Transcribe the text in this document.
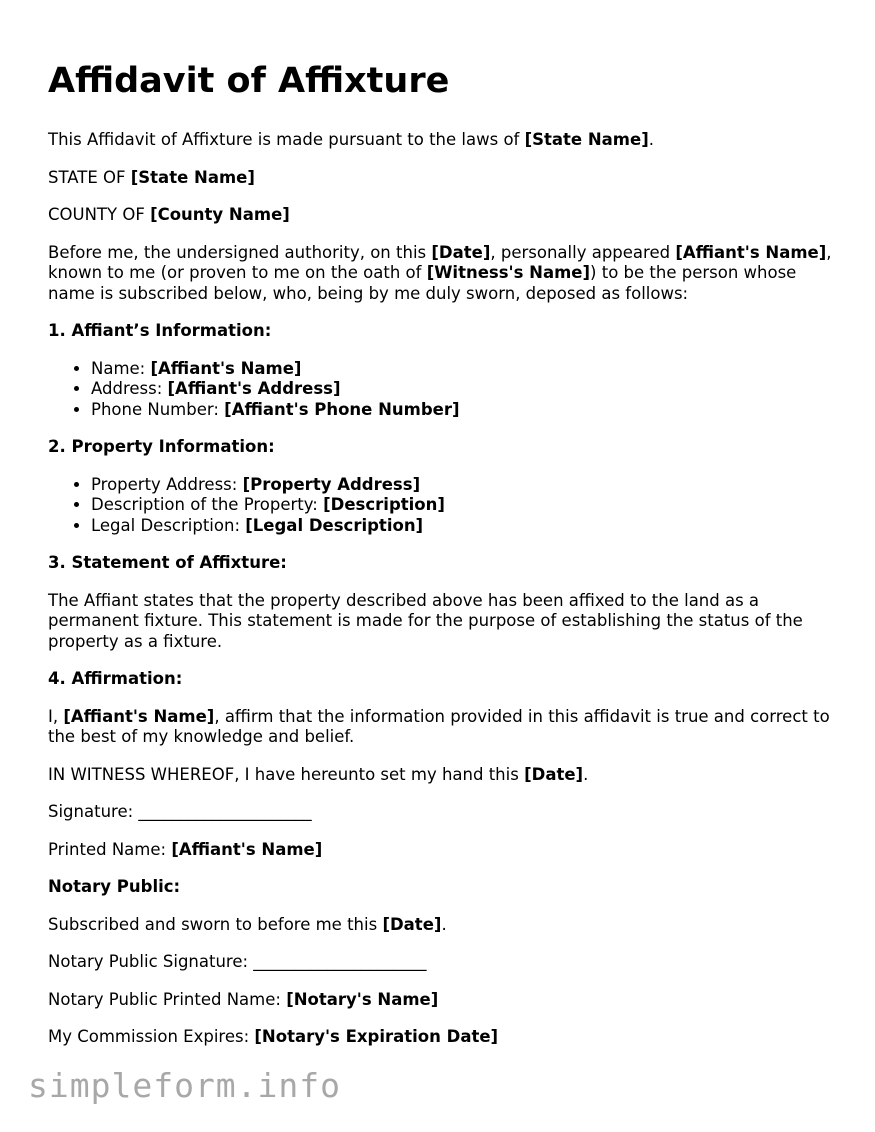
Affidavit of Affixture

This Affidavit of Affixture is made pursuant to the laws of [State Name].

STATE OF [State Name]

COUNTY OF [County Name]

Before me, the undersigned authority, on this [Date], personally appeared [Affiant's Name], known to me (or proven to me on the oath of [Witness's Name]) to be the person whose name is subscribed below, who, being by me duly sworn, deposed as follows:

1. Affiant’s Information:

• Name: [Affiant's Name]
• Address: [Affiant's Address]
• Phone Number: [Affiant's Phone Number]

2. Property Information:

• Property Address: [Property Address]
• Description of the Property: [Description]
• Legal Description: [Legal Description]

3. Statement of Affixture:

The Affiant states that the property described above has been affixed to the land as a permanent fixture. This statement is made for the purpose of establishing the status of the property as a fixture.

4. Affirmation:

I, [Affiant's Name], affirm that the information provided in this affidavit is true and correct to the best of my knowledge and belief.

IN WITNESS WHEREOF, I have hereunto set my hand this [Date].

Signature: _____________________

Printed Name: [Affiant's Name]

Notary Public:

Subscribed and sworn to before me this [Date].

Notary Public Signature: _____________________

Notary Public Printed Name: [Notary's Name]

My Commission Expires: [Notary's Expiration Date]

simpleform.info
